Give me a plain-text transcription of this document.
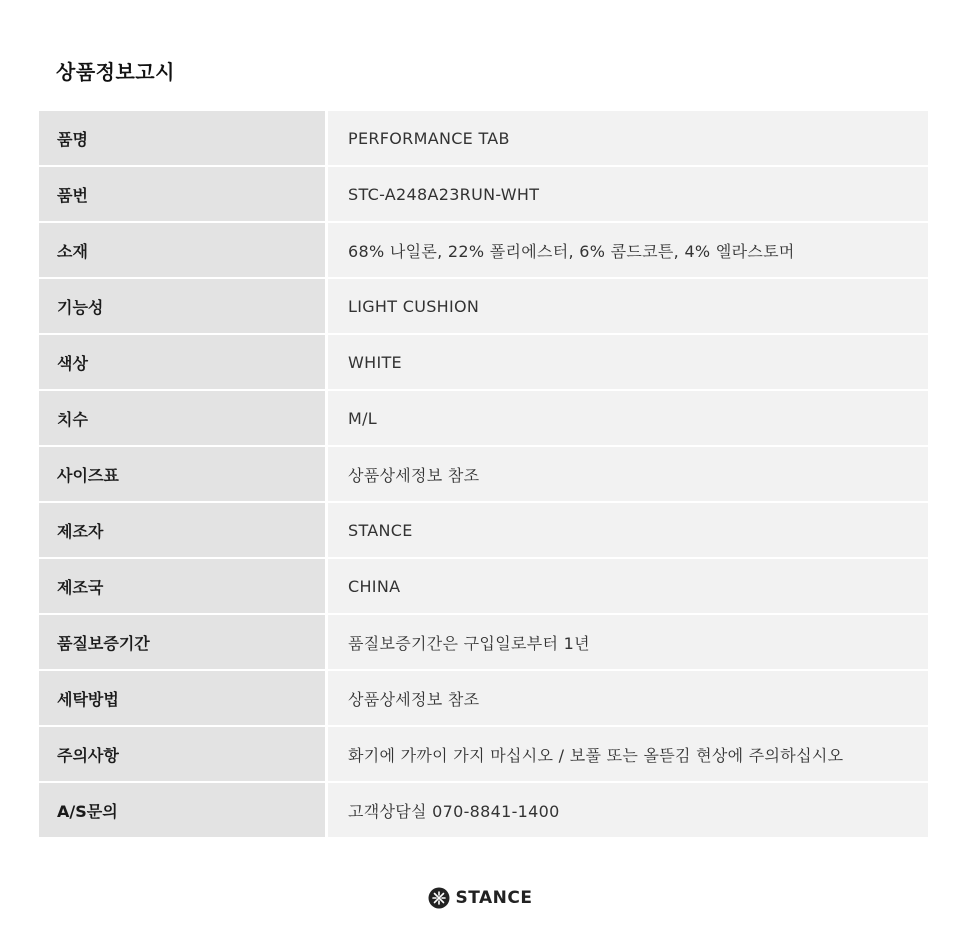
상품정보고시
품명	PERFORMANCE TAB
품번	STC-A248A23RUN-WHT
소재	68% 나일론, 22% 폴리에스터, 6% 콤드코튼, 4% 엘라스토머
기능성	LIGHT CUSHION
색상	WHITE
치수	M/L
사이즈표	상품상세정보 참조
제조자	STANCE
제조국	CHINA
품질보증기간	품질보증기간은 구입일로부터 1년
세탁방법	상품상세정보 참조
주의사항	화기에 가까이 가지 마십시오 / 보풀 또는 올뜯김 현상에 주의하십시오
A/S문의	고객상담실 070-8841-1400
STANCE
